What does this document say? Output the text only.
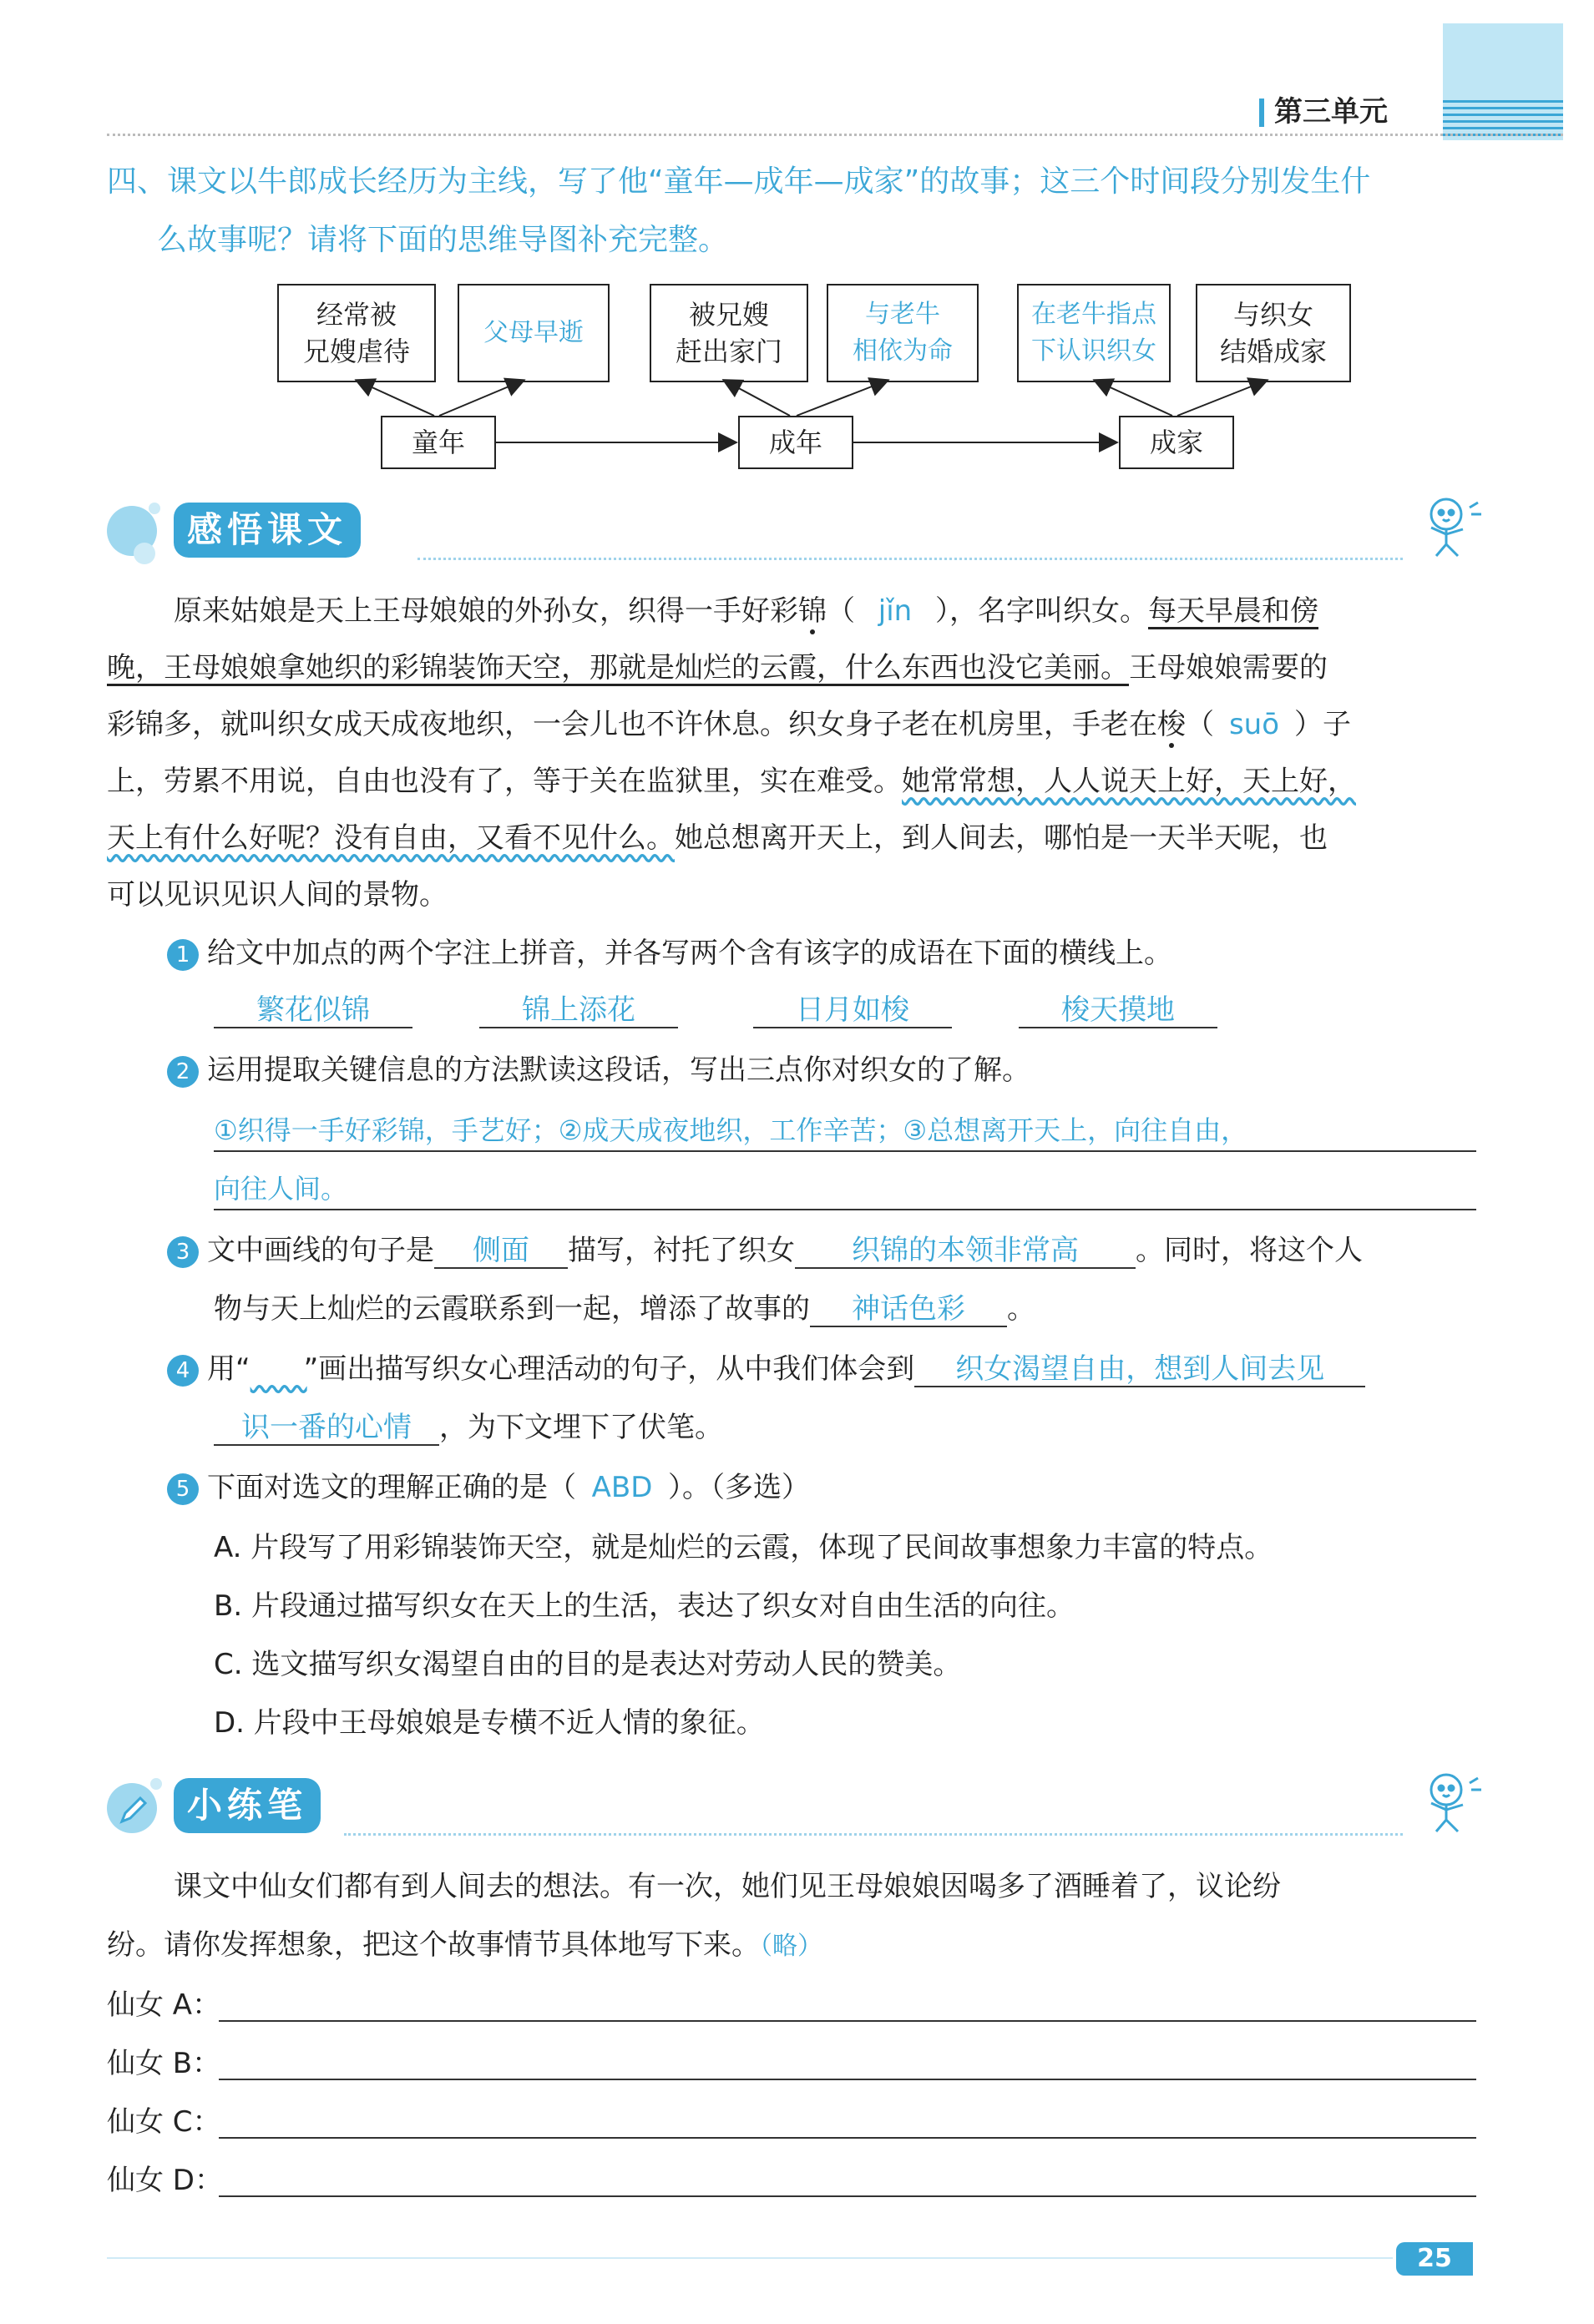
第三单元
四、课文以牛郎成长经历为主线，写了他“童年—成年—成家”的故事；这三个时间段分别发生什
么故事呢？请将下面的思维导图补充完整。
经常被
兄嫂虐待
父母早逝
被兄嫂
赶出家门
与老牛
相依为命
在老牛指点
下认识织女
与织女
结婚成家
童年	成年	成家
感悟课文
原来姑娘是天上王母娘娘的外孙女，织得一手好彩锦（ jǐn ），名字叫织女。每天早晨和傍
晚，王母娘娘拿她织的彩锦装饰天空，那就是灿烂的云霞，什么东西也没它美丽。王母娘娘需要的
彩锦多，就叫织女成天成夜地织，一会儿也不许休息。织女身子老在机房里，手老在梭（ suō ）子
上，劳累不用说，自由也没有了，等于关在监狱里，实在难受。她常常想，人人说天上好，天上好，
天上有什么好呢？没有自由，又看不见什么。她总想离开天上，到人间去，哪怕是一天半天呢，也
可以见识见识人间的景物。
1 给文中加点的两个字注上拼音，并各写两个含有该字的成语在下面的横线上。
繁花似锦	锦上添花	日月如梭	梭天摸地
2 运用提取关键信息的方法默读这段话，写出三点你对织女的了解。
①织得一手好彩锦，手艺好；②成天成夜地织，工作辛苦；③总想离开天上，向往自由，
向往人间。
3 文中画线的句子是 侧面 描写，衬托了织女 织锦的本领非常高 。同时，将这个人
物与天上灿烂的云霞联系到一起，增添了故事的 神话色彩 。
4 用“   ”画出描写织女心理活动的句子，从中我们体会到 织女渴望自由，想到人间去见
识一番的心情 ，为下文埋下了伏笔。
5 下面对选文的理解正确的是（ ABD ）。（多选）
A. 片段写了用彩锦装饰天空，就是灿烂的云霞，体现了民间故事想象力丰富的特点。
B. 片段通过描写织女在天上的生活，表达了织女对自由生活的向往。
C. 选文描写织女渴望自由的目的是表达对劳动人民的赞美。
D. 片段中王母娘娘是专横不近人情的象征。
小练笔
课文中仙女们都有到人间去的想法。有一次，她们见王母娘娘因喝多了酒睡着了，议论纷
纷。请你发挥想象，把这个故事情节具体地写下来。（略）
仙女 A：
仙女 B：
仙女 C：
仙女 D：
25
